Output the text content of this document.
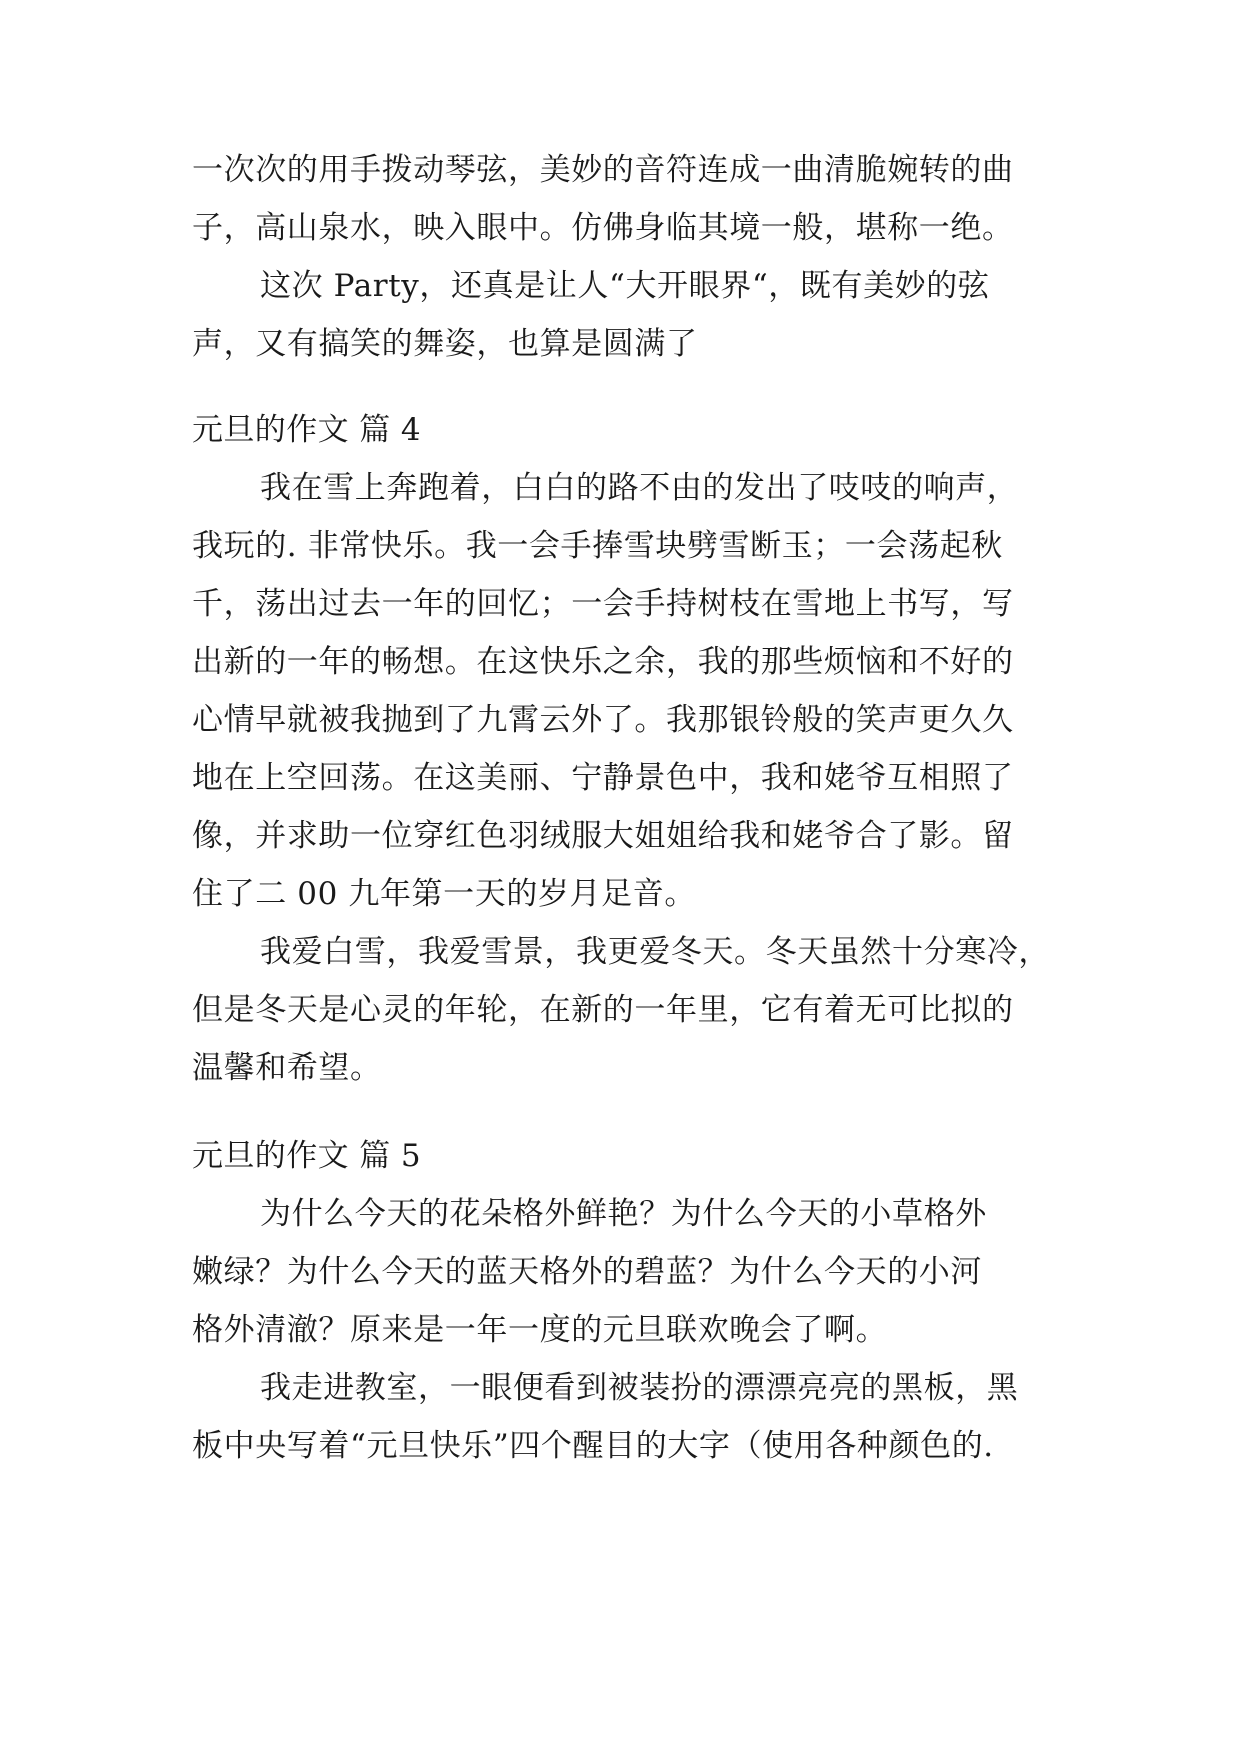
一次次的用手拨动琴弦，美妙的音符连成一曲清脆婉转的曲
子，高山泉水，映入眼中。仿佛身临其境一般，堪称一绝。
这次 Party，还真是让人“大开眼界“，既有美妙的弦
声，又有搞笑的舞姿，也算是圆满了
元旦的作文 篇 4
我在雪上奔跑着，白白的路不由的发出了吱吱的响声，
我玩的. 非常快乐。我一会手捧雪块劈雪断玉；一会荡起秋
千，荡出过去一年的回忆；一会手持树枝在雪地上书写，写
出新的一年的畅想。在这快乐之余，我的那些烦恼和不好的
心情早就被我抛到了九霄云外了。我那银铃般的笑声更久久
地在上空回荡。在这美丽、宁静景色中，我和姥爷互相照了
像，并求助一位穿红色羽绒服大姐姐给我和姥爷合了影。留
住了二 00 九年第一天的岁月足音。
我爱白雪，我爱雪景，我更爱冬天。冬天虽然十分寒冷，
但是冬天是心灵的年轮，在新的一年里，它有着无可比拟的
温馨和希望。
元旦的作文 篇 5
为什么今天的花朵格外鲜艳？为什么今天的小草格外
嫩绿？为什么今天的蓝天格外的碧蓝？为什么今天的小河
格外清澈？原来是一年一度的元旦联欢晚会了啊。
我走进教室，一眼便看到被装扮的漂漂亮亮的黑板，黑
板中央写着“元旦快乐”四个醒目的大字（使用各种颜色的.
